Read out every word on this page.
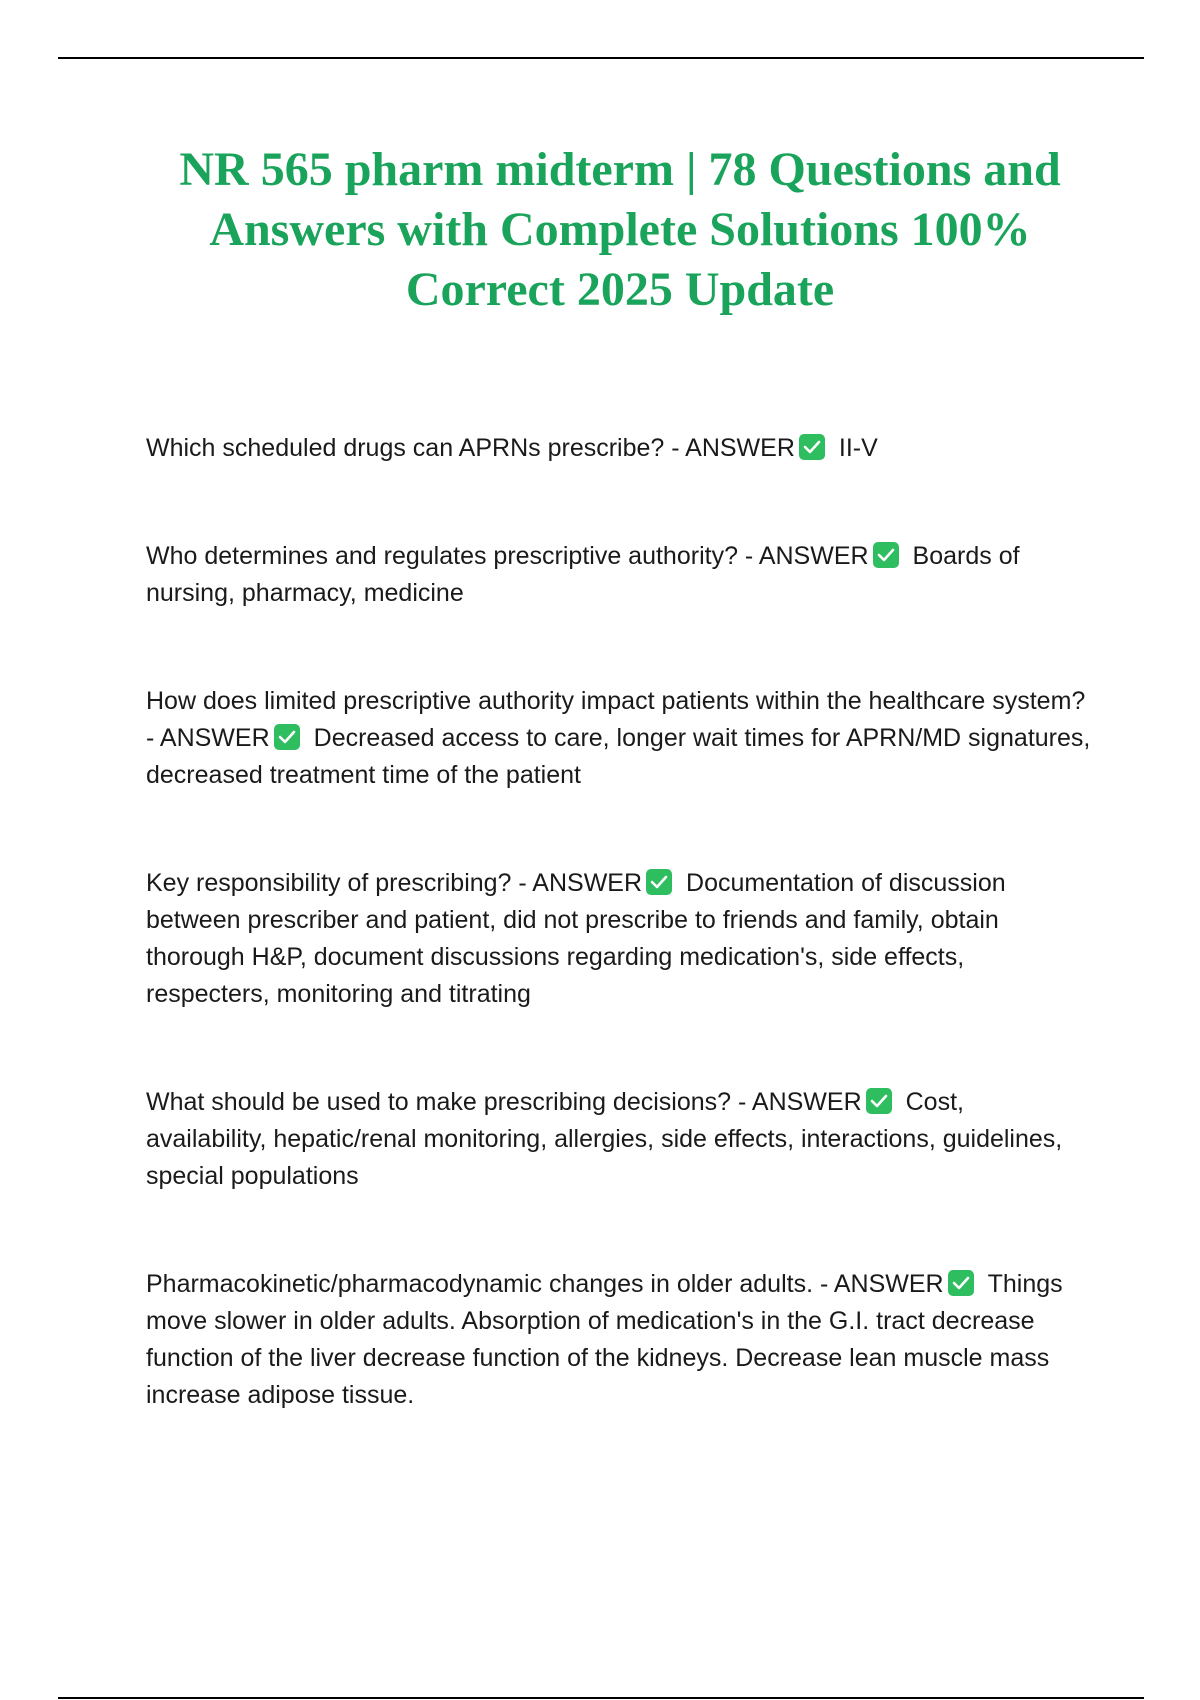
NR 565 pharm midterm | 78 Questions and Answers with Complete Solutions 100% Correct 2025 Update

Which scheduled drugs can APRNs prescribe? - ANSWER II-V

Who determines and regulates prescriptive authority? - ANSWER Boards of nursing, pharmacy, medicine

How does limited prescriptive authority impact patients within the healthcare system? - ANSWER Decreased access to care, longer wait times for APRN/MD signatures, decreased treatment time of the patient

Key responsibility of prescribing? - ANSWER Documentation of discussion between prescriber and patient, did not prescribe to friends and family, obtain thorough H&P, document discussions regarding medication's, side effects, respecters, monitoring and titrating

What should be used to make prescribing decisions? - ANSWER Cost, availability, hepatic/renal monitoring, allergies, side effects, interactions, guidelines, special populations

Pharmacokinetic/pharmacodynamic changes in older adults. - ANSWER Things move slower in older adults. Absorption of medication's in the G.I. tract decrease function of the liver decrease function of the kidneys. Decrease lean muscle mass increase adipose tissue.
